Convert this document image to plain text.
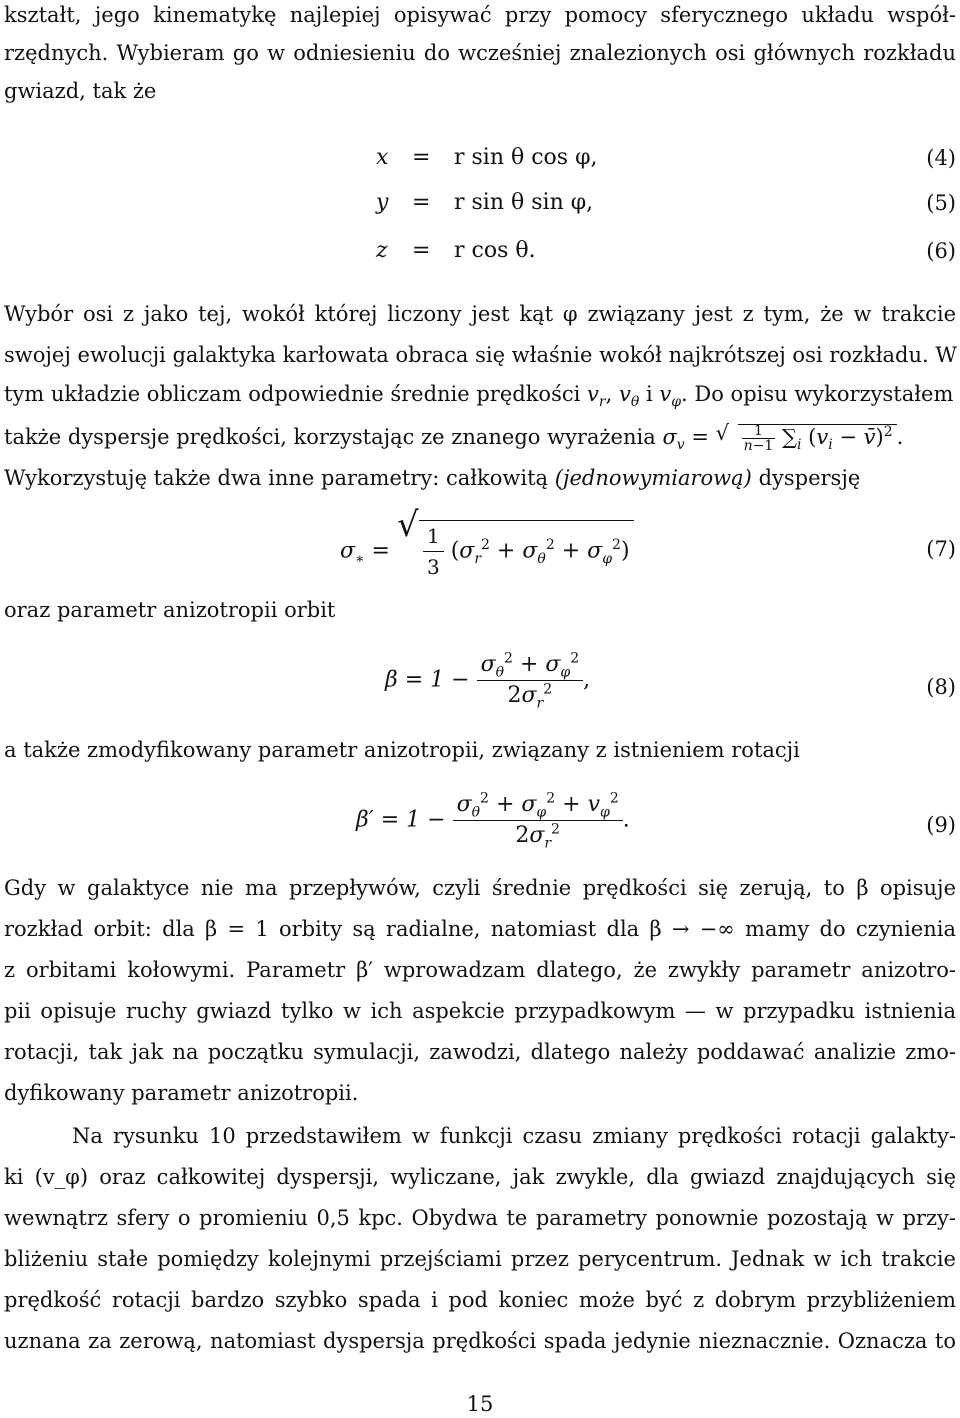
kształt, jego kinematykę najlepiej opisywać przy pomocy sferycznego układu współ-
rzędnych. Wybieram go w odniesieniu do wcześniej znalezionych osi głównych rozkładu
gwiazd, tak że
x = r sin θ cos φ,	(4)
y = r sin θ sin φ,	(5)
z = r cos θ.	(6)
Wybór osi z jako tej, wokół której liczony jest kąt φ związany jest z tym, że w trakcie
swojej ewolucji galaktyka karłowata obraca się właśnie wokół najkrótszej osi rozkładu. W
tym układzie obliczam odpowiednie średnie prędkości $v_r$, $v_\theta$ i $v_\varphi$. Do opisu wykorzystałem
także dyspersje prędkości, korzystając ze znanego wyrażenia $\sigma_v$ = √ $\frac{1}{n-1} \sum_i$ ($v_i$ − v̄)$^2$ .
Wykorzystuję także dwa inne parametry: całkowitą (jednowymiarową) dyspersję
$\sigma_∗$ =
√ $\frac{1}{3} (\sigma_r^2 + \sigma_\theta^2 + \sigma_\varphi^2)$	(7)
oraz parametr anizotropii orbit
$\beta = 1 - \frac{\sigma_\theta^2 + \sigma_\varphi^2}{2\sigma_r^2}$ ,	(8)
a także zmodyfikowany parametr anizotropii, związany z istnieniem rotacji
$\beta' = 1 - \frac{\sigma_\theta^2 + \sigma_\varphi^2 + v_\varphi^2}{2\sigma_r^2}$ .	(9)
Gdy w galaktyce nie ma przepływów, czyli średnie prędkości się zerują, to β opisuje
rozkład orbit: dla β = 1 orbity są radialne, natomiast dla β → −∞ mamy do czynienia
z orbitami kołowymi. Parametr β′ wprowadzam dlatego, że zwykły parametr anizotro-
pii opisuje ruchy gwiazd tylko w ich aspekcie przypadkowym — w przypadku istnienia
rotacji, tak jak na początku symulacji, zawodzi, dlatego należy poddawać analizie zmo-
dyfikowany parametr anizotropii.
Na rysunku 10 przedstawiłem w funkcji czasu zmiany prędkości rotacji galakty-
ki (v_φ) oraz całkowitej dyspersji, wyliczane, jak zwykle, dla gwiazd znajdujących się
wewnątrz sfery o promieniu 0,5 kpc. Obydwa te parametry ponownie pozostają w przy-
bliżeniu stałe pomiędzy kolejnymi przejściami przez perycentrum. Jednak w ich trakcie
prędkość rotacji bardzo szybko spada i pod koniec może być z dobrym przybliżeniem
uznana za zerową, natomiast dyspersja prędkości spada jedynie nieznacznie. Oznacza to
15
